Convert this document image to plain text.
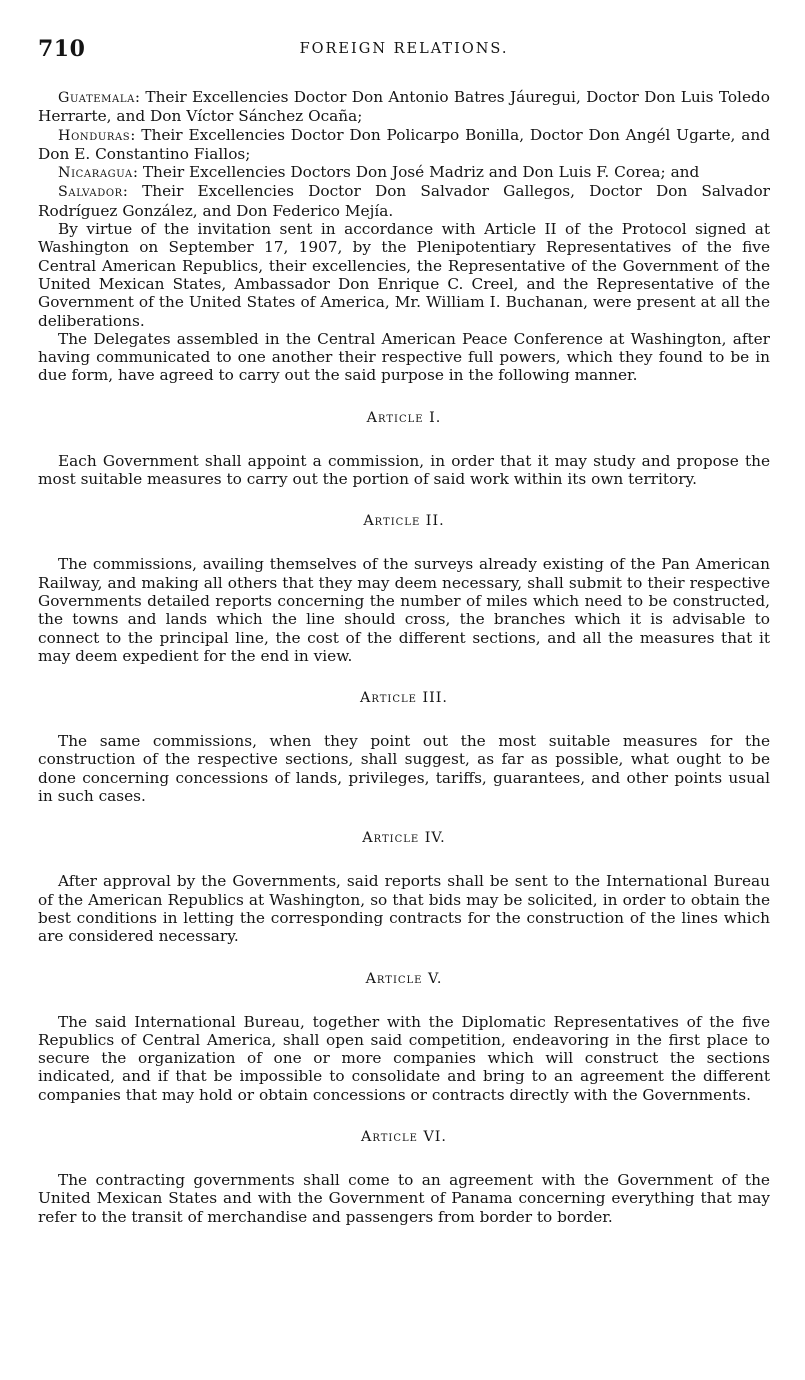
710	FOREIGN RELATIONS.

Guatemala: Their Excellencies Doctor Don Antonio Batres Jáuregui, Doctor Don Luis Toledo Herrarte, and Don Víctor Sánchez Ocaña;

Honduras: Their Excellencies Doctor Don Policarpo Bonilla, Doctor Don Angél Ugarte, and Don E. Constantino Fiallos;

Nicaragua: Their Excellencies Doctors Don José Madriz and Don Luis F. Corea; and

Salvador: Their Excellencies Doctor Don Salvador Gallegos, Doctor Don Salvador Rodríguez González, and Don Federico Mejía.

By virtue of the invitation sent in accordance with Article II of the Protocol signed at Washington on September 17, 1907, by the Plenipotentiary Representatives of the five Central American Republics, their excellencies, the Representative of the Government of the United Mexican States, Ambassador Don Enrique C. Creel, and the Representative of the Government of the United States of America, Mr. William I. Buchanan, were present at all the deliberations.

The Delegates assembled in the Central American Peace Conference at Washington, after having communicated to one another their respective full powers, which they found to be in due form, have agreed to carry out the said purpose in the following manner.

Article I.

Each Government shall appoint a commission, in order that it may study and propose the most suitable measures to carry out the portion of said work within its own territory.

Article II.

The commissions, availing themselves of the surveys already existing of the Pan American Railway, and making all others that they may deem necessary, shall submit to their respective Governments detailed reports concerning the number of miles which need to be constructed, the towns and lands which the line should cross, the branches which it is advisable to connect to the principal line, the cost of the different sections, and all the measures that it may deem expedient for the end in view.

Article III.

The same commissions, when they point out the most suitable measures for the construction of the respective sections, shall suggest, as far as possible, what ought to be done concerning concessions of lands, privileges, tariffs, guarantees, and other points usual in such cases.

Article IV.

After approval by the Governments, said reports shall be sent to the International Bureau of the American Republics at Washington, so that bids may be solicited, in order to obtain the best conditions in letting the corresponding contracts for the construction of the lines which are considered necessary.

Article V.

The said International Bureau, together with the Diplomatic Representatives of the five Republics of Central America, shall open said competition, endeavoring in the first place to secure the organization of one or more companies which will construct the sections indicated, and if that be impossible to consolidate and bring to an agreement the different companies that may hold or obtain concessions or contracts directly with the Governments.

Article VI.

The contracting governments shall come to an agreement with the Government of the United Mexican States and with the Government of Panama concerning everything that may refer to the transit of merchandise and passengers from border to border.
